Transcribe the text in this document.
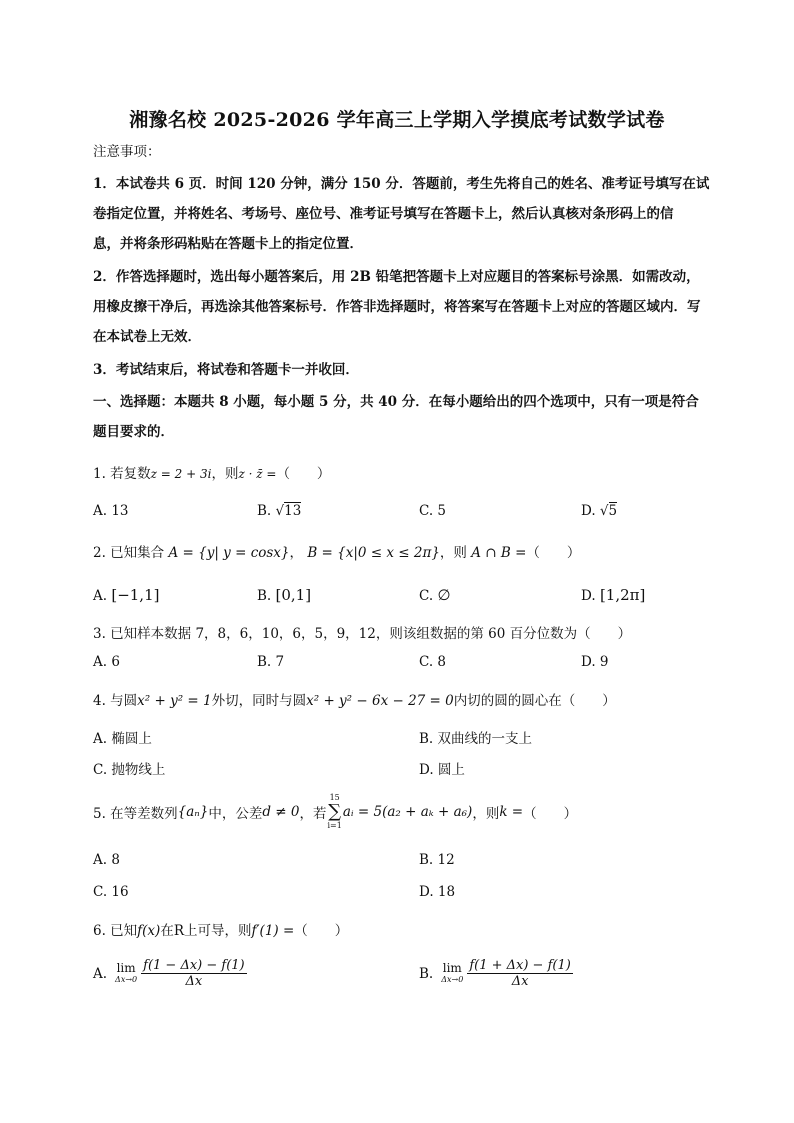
湘豫名校 2025-2026 学年高三上学期入学摸底考试数学试卷
注意事项：
1．本试卷共 6 页．时间 120 分钟，满分 150 分．答题前，考生先将自己的姓名、准考证号填写在试
卷指定位置，并将姓名、考场号、座位号、准考证号填写在答题卡上，然后认真核对条形码上的信
息，并将条形码粘贴在答题卡上的指定位置．
2．作答选择题时，选出每小题答案后，用 2B 铅笔把答题卡上对应题目的答案标号涂黑．如需改动，
用橡皮擦干净后，再选涂其他答案标号．作答非选择题时，将答案写在答题卡上对应的答题区域内．写
在本试卷上无效．
3．考试结束后，将试卷和答题卡一并收回．
一、选择题：本题共 8 小题，每小题 5 分，共 40 分．在每小题给出的四个选项中，只有一项是符合
题目要求的．
1. 若复数z = 2 + 3i，则z · z̄ =（　　）
A. 13	B. √13	C. 5	D. √5
2. 已知集合 A = {y| y = cosx}， B = {x|0 ≤ x ≤ 2π}，则 A ∩ B =（　　）
A. [−1,1]	B. [0,1]	C. ∅	D. [1,2π]
3. 已知样本数据 7，8，6，10，6，5，9，12，则该组数据的第 60 百分位数为（　　）
A. 6	B. 7	C. 8	D. 9
4. 与圆x² + y² = 1外切，同时与圆x² + y² − 6x − 27 = 0内切的圆的圆心在（　　）
A. 椭圆上	B. 双曲线的一支上
C. 抛物线上	D. 圆上
5. 在等差数列 {aₙ} 中，公差 d ≠ 0 ，若
15
∑
i=1
aᵢ = 5(a₂ + aₖ + a₆) ，则 k = （　　）
A. 8	B. 12
C. 16	D. 18
6. 已知f(x)在R上可导，则f′(1) =（　　）
A. lim
$\Delta x\to 0 \frac{f(1 - \Delta x) - f(1)}{\Delta x}$	B. lim
$\Delta x\to 0 \frac{f(1 + \Delta x) - f(1)}{\Delta x}$
